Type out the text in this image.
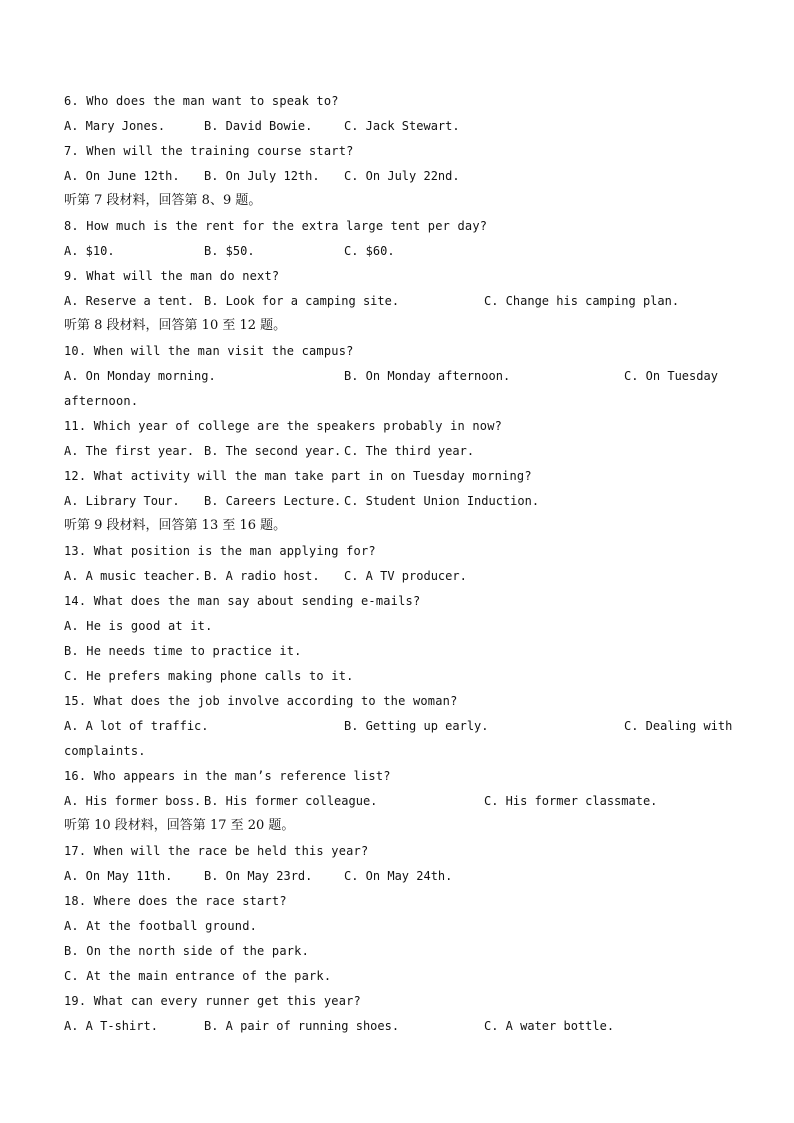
6. Who does the man want to speak to?
A. Mary Jones.	B. David Bowie.	C. Jack Stewart.
7. When will the training course start?
A. On June 12th. B. On July 12th. C. On July 22nd.
听第 7 段材料，回答第 8、9 题。
8. How much is the rent for the extra large tent per day?
A. $10.	B. $50.	C. $60.
9. What will the man do next?
A. Reserve a tent. B. Look for a camping site.	C. Change his camping plan.
听第 8 段材料，回答第 10 至 12 题。
10. When will the man visit the campus?
A. On Monday morning.	B. On Monday afternoon.	C. On Tuesday
afternoon.
11. Which year of college are the speakers probably in now?
A. The first year. B. The second year. C. The third year.
12. What activity will the man take part in on Tuesday morning?
A. Library Tour. B. Careers Lecture. C. Student Union Induction.
听第 9 段材料，回答第 13 至 16 题。
13. What position is the man applying for?
A. A music teacher. B. A radio host. C. A TV producer.
14. What does the man say about sending e-mails?
A. He is good at it.
B. He needs time to practice it.
C. He prefers making phone calls to it.
15. What does the job involve according to the woman?
A. A lot of traffic.	B. Getting up early.	C. Dealing with
complaints.
16. Who appears in the man’s reference list?
A. His former boss. B. His former colleague.	C. His former classmate.
听第 10 段材料，回答第 17 至 20 题。
17. When will the race be held this year?
A. On May 11th.	B. On May 23rd.	C. On May 24th.
18. Where does the race start?
A. At the football ground.
B. On the north side of the park.
C. At the main entrance of the park.
19. What can every runner get this year?
A. A T-shirt.	B. A pair of running shoes.	C. A water bottle.
